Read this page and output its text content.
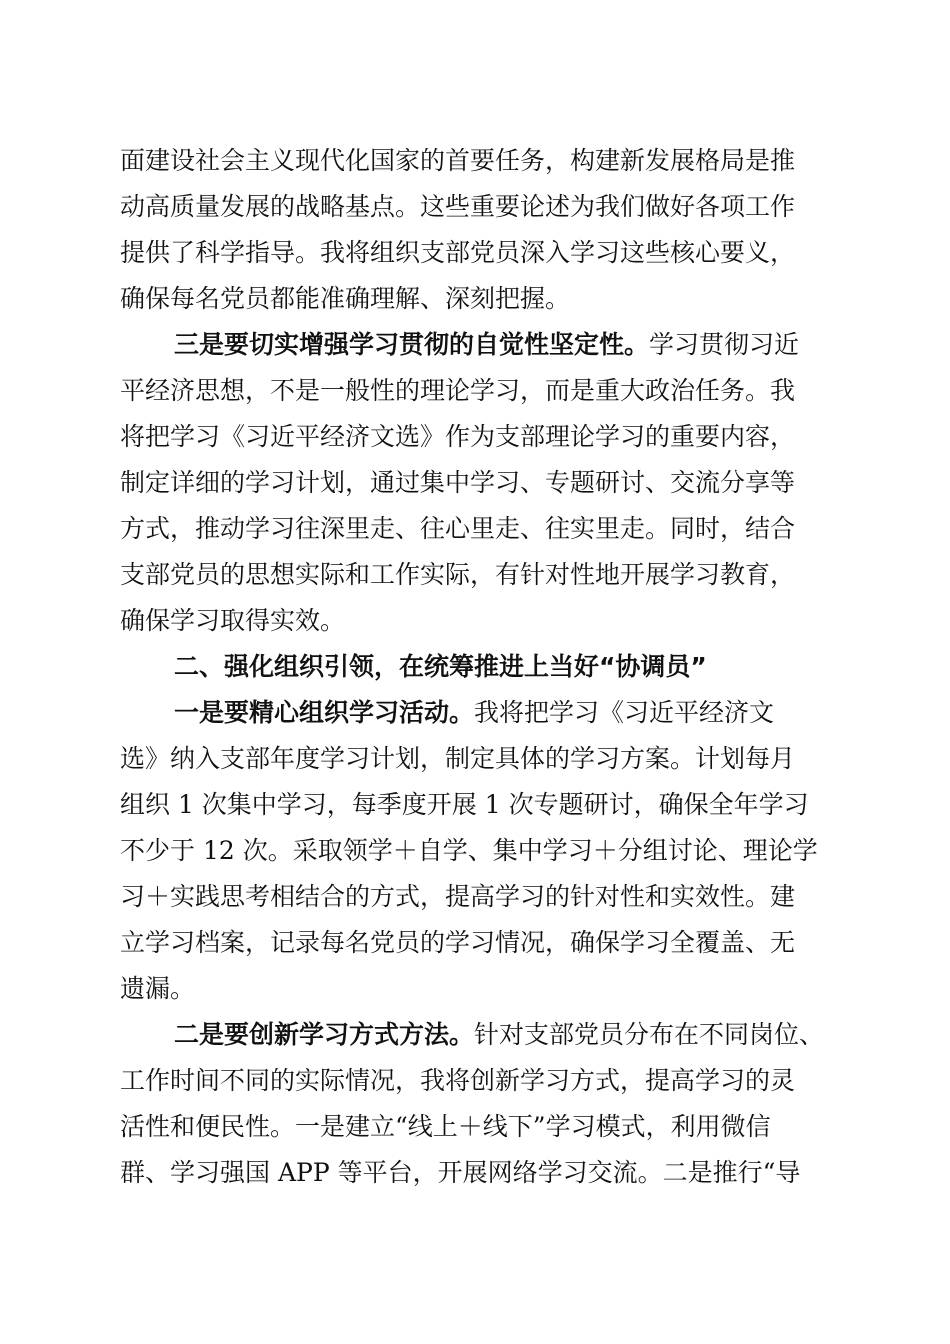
面建设社会主义现代化国家的首要任务，构建新发展格局是推
动高质量发展的战略基点。这些重要论述为我们做好各项工作
提供了科学指导。我将组织支部党员深入学习这些核心要义，
确保每名党员都能准确理解、深刻把握。
三是要切实增强学习贯彻的自觉性坚定性。学习贯彻习近
平经济思想，不是一般性的理论学习，而是重大政治任务。我
将把学习《习近平经济文选》作为支部理论学习的重要内容，
制定详细的学习计划，通过集中学习、专题研讨、交流分享等
方式，推动学习往深里走、往心里走、往实里走。同时，结合
支部党员的思想实际和工作实际，有针对性地开展学习教育，
确保学习取得实效。
二、强化组织引领，在统筹推进上当好“协调员”
一是要精心组织学习活动。我将把学习《习近平经济文
选》纳入支部年度学习计划，制定具体的学习方案。计划每月
组织 1 次集中学习，每季度开展 1 次专题研讨，确保全年学习
不少于 12 次。采取领学＋自学、集中学习＋分组讨论、理论学
习＋实践思考相结合的方式，提高学习的针对性和实效性。建
立学习档案，记录每名党员的学习情况，确保学习全覆盖、无
遗漏。
二是要创新学习方式方法。针对支部党员分布在不同岗位、
工作时间不同的实际情况，我将创新学习方式，提高学习的灵
活性和便民性。一是建立“线上＋线下”学习模式，利用微信
群、学习强国 APP 等平台，开展网络学习交流。二是推行“导
